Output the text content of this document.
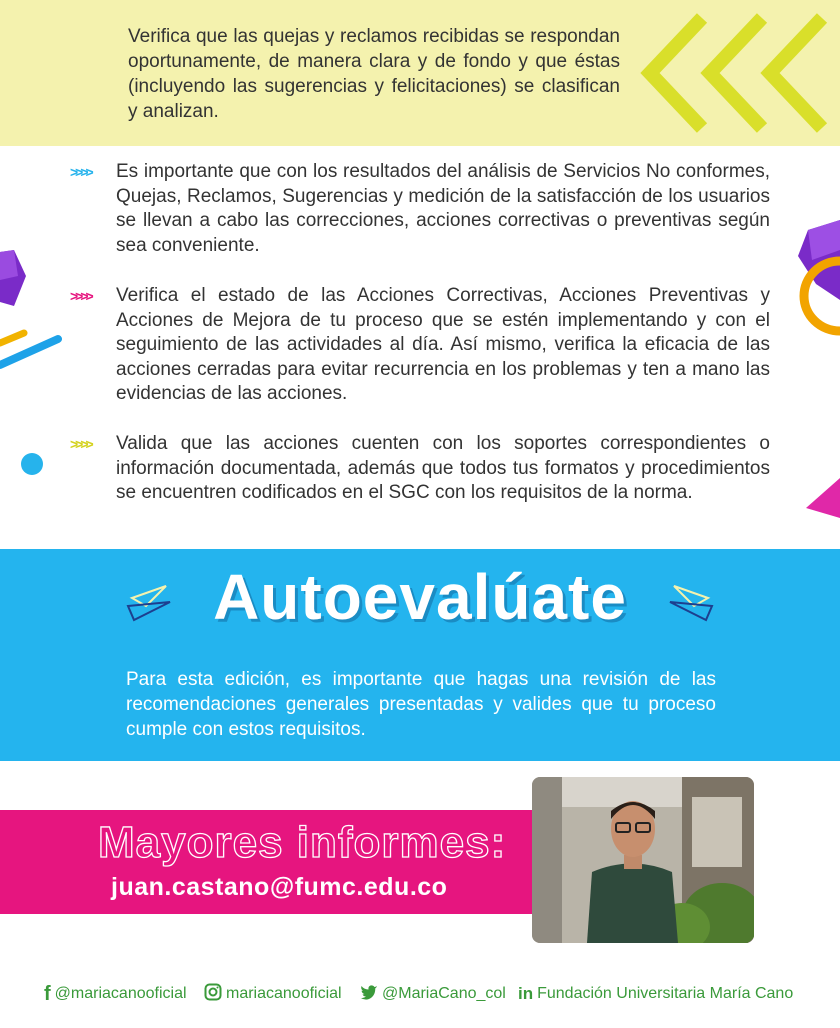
Verifica que las quejas y reclamos recibidas se respondan oportunamente, de manera clara y de fondo y que éstas (incluyendo las sugerencias y felicitaciones) se clasifican y analizan.
>>>> Es importante que con los resultados del análisis de Servicios No conformes, Quejas, Reclamos, Sugerencias y medición de la satisfacción de los usuarios se llevan a cabo las correcciones, acciones correctivas o preventivas según sea conveniente.
>>>> Verifica el estado de las Acciones Correctivas, Acciones Preventivas y Acciones de Mejora de tu proceso que se estén implementando y con el seguimiento de las actividades al día. Así mismo, verifica la eficacia de las acciones cerradas para evitar recurrencia en los problemas y ten a mano las evidencias de las acciones.
>>>> Valida que las acciones cuenten con los soportes correspondientes o información documentada, además que todos tus formatos y procedimientos se encuentren codificados en el SGC con los requisitos de la norma.
Autoevalúate
Para esta edición, es importante que hagas una revisión de las recomendaciones generales presentadas y valides que tu proceso cumple con estos requisitos.
Mayores informes:
juan.castano@fumc.edu.co
f @mariacanooficial mariacanooficial	@MariaCano_col in Fundación Universitaria María Cano
